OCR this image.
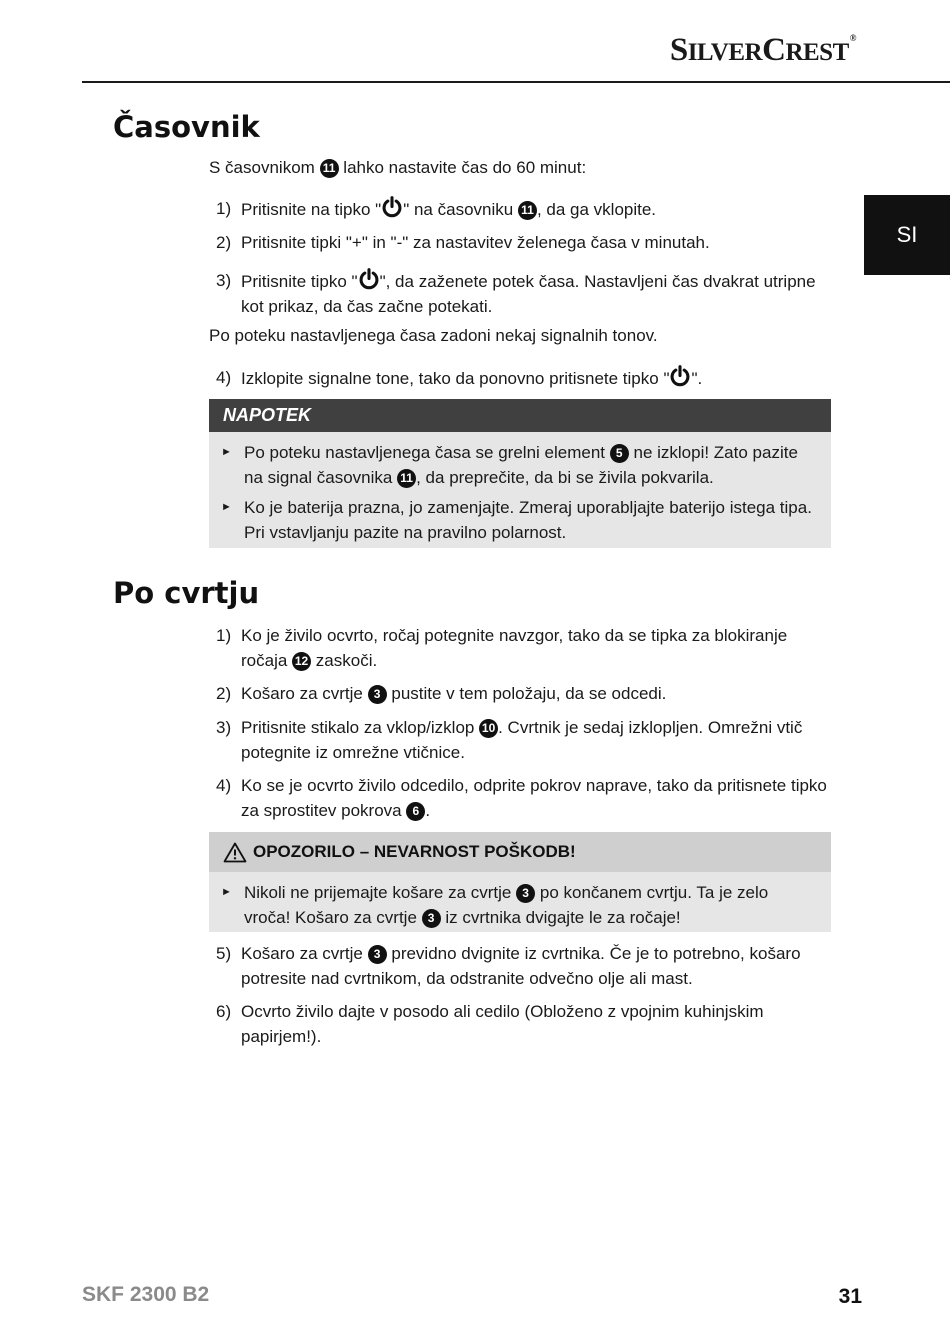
SILVERCREST®
SI
Časovnik
S časovnikom 11 lahko nastavite čas do 60 minut:
1) Pritisnite na tipko " " na časovniku 11 , da ga vklopite.
2) Pritisnite tipki "+" in "-" za nastavitev želenega časa v minutah.
3) Pritisnite tipko " ", da zaženete potek časa. Nastavljeni čas dvakrat utripne kot prikaz, da čas začne potekati.
Po poteku nastavljenega časa zadoni nekaj signalnih tonov.
4) Izklopite signalne tone, tako da ponovno pritisnete tipko " ".
NAPOTEK
► Po poteku nastavljenega časa se grelni element 5 ne izklopi! Zato pazite na signal časovnika 11 , da preprečite, da bi se živila pokvarila.
► Ko je baterija prazna, jo zamenjajte. Zmeraj uporabljajte baterijo istega tipa. Pri vstavljanju pazite na pravilno polarnost.
Po cvrtju
1) Ko je živilo ocvrto, ročaj potegnite navzgor, tako da se tipka za blokiranje ročaja 12 zaskoči.
2) Košaro za cvrtje 3 pustite v tem položaju, da se odcedi.
3) Pritisnite stikalo za vklop/izklop 10 . Cvrtnik je sedaj izklopljen. Omrežni vtič potegnite iz omrežne vtičnice.
4) Ko se je ocvrto živilo odcedilo, odprite pokrov naprave, tako da pritisnete tipko za sprostitev pokrova 6 .
OPOZORILO – NEVARNOST POŠKODB!
► Nikoli ne prijemajte košare za cvrtje 3 po končanem cvrtju. Ta je zelo vroča! Košaro za cvrtje 3 iz cvrtnika dvigajte le za ročaje!
5) Košaro za cvrtje 3 previdno dvignite iz cvrtnika. Če je to potrebno, košaro potresite nad cvrtnikom, da odstranite odvečno olje ali mast.
6) Ocvrto živilo dajte v posodo ali cedilo (Obloženo z vpojnim kuhinjskim papirjem!).
SKF 2300 B2	31
